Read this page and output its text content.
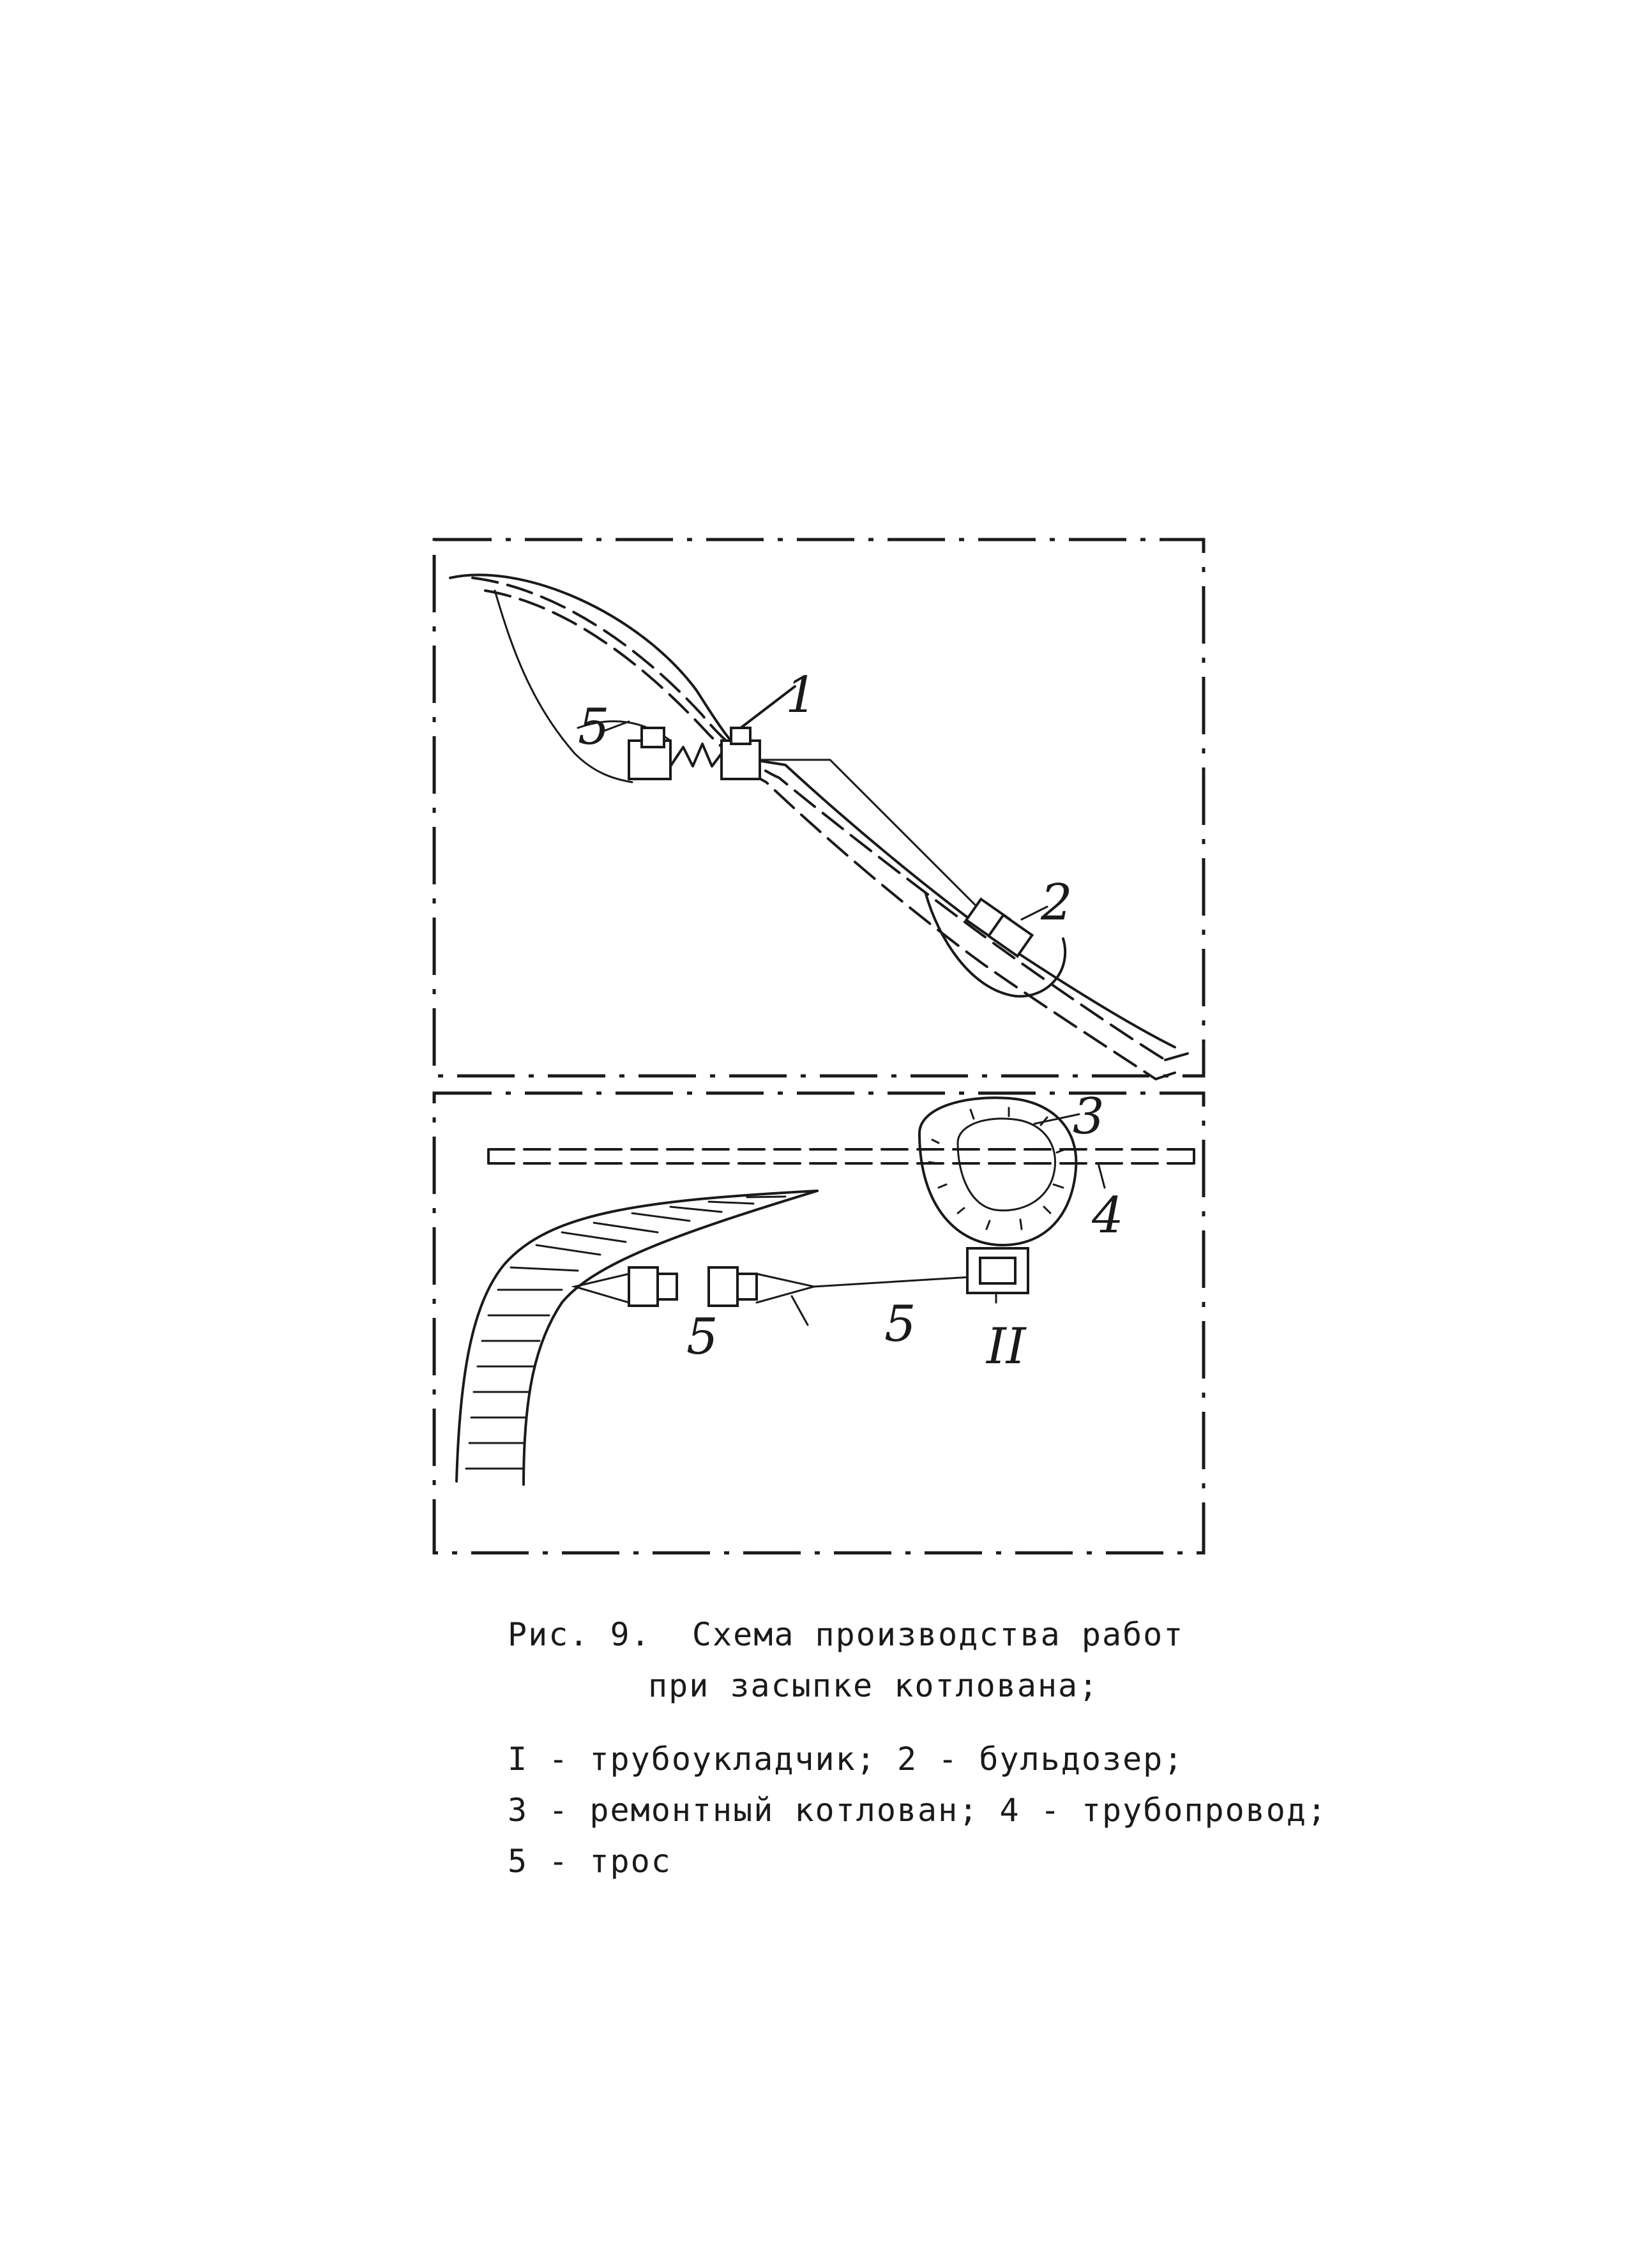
1
5
2
4
3
5	5 II
Рис. 9.  Схема производства работ
при засыпке котлована;
I - трубоукладчик; 2 - бульдозер;
3 - ремонтный котлован; 4 - трубопровод;
5 - трос
